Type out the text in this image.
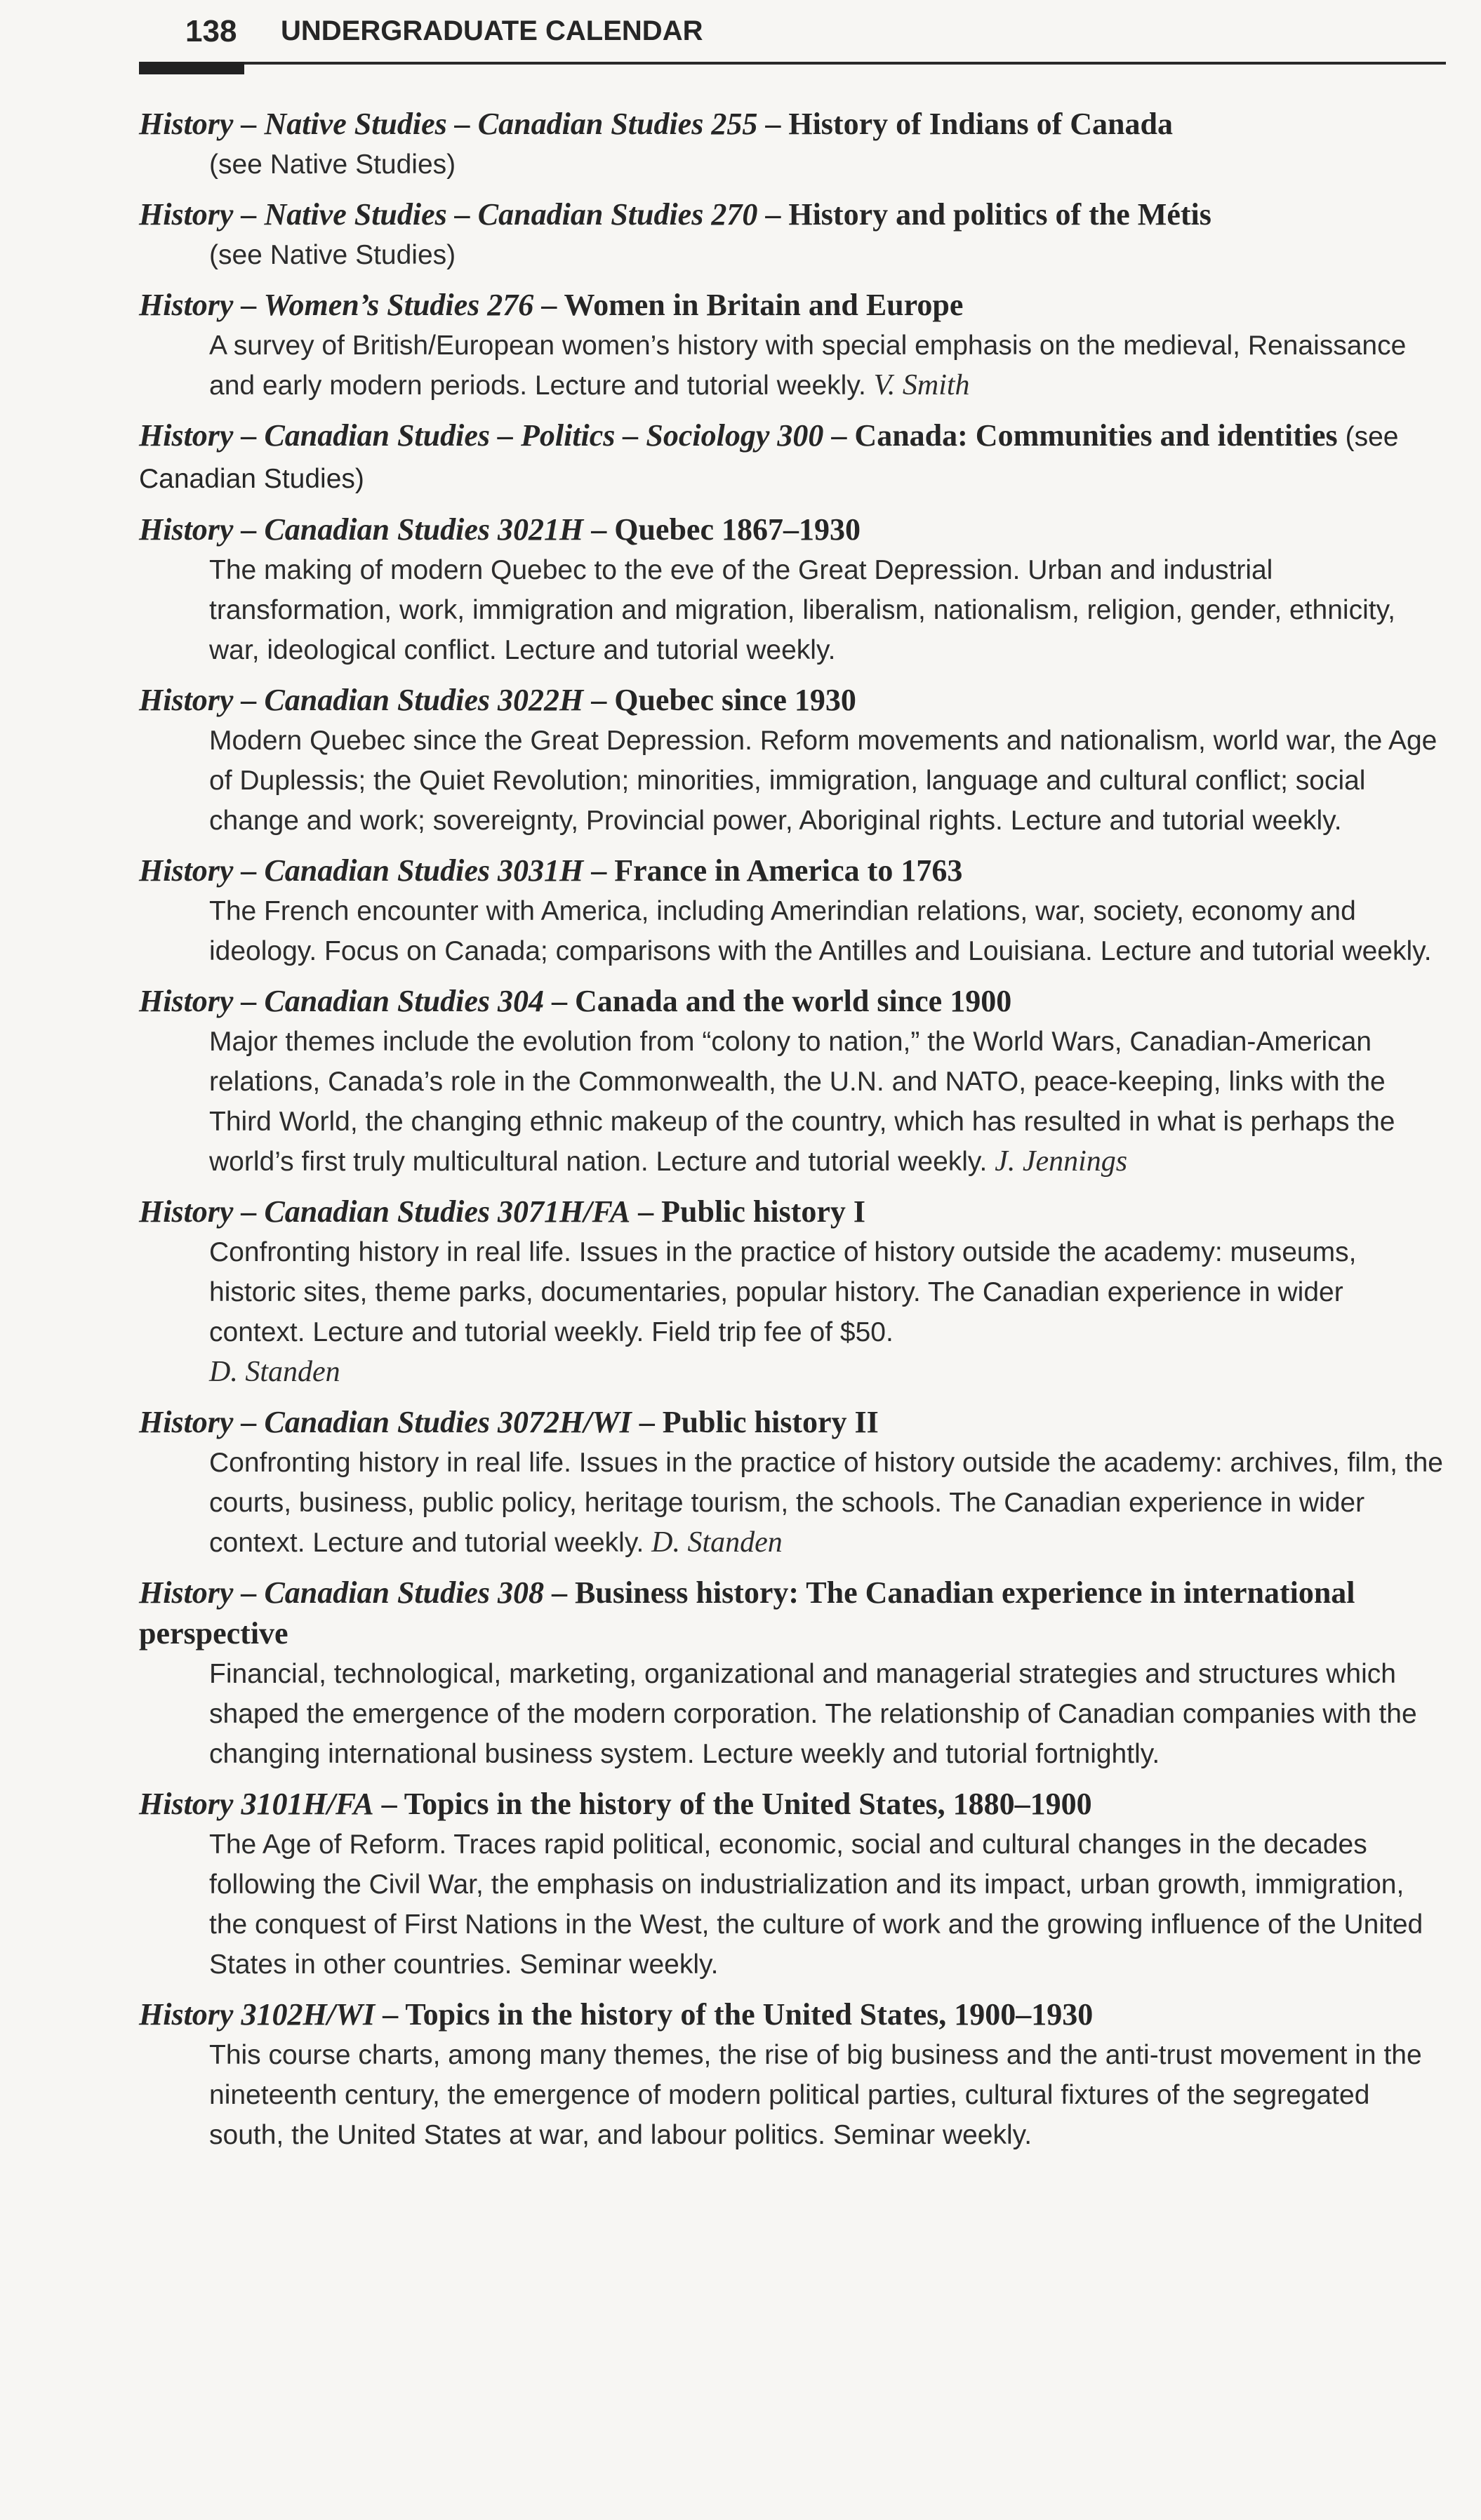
138 UNDERGRADUATE CALENDAR
History – Native Studies – Canadian Studies 255 – History of Indians of Canada
(see Native Studies)
History – Native Studies – Canadian Studies 270 – History and politics of the Métis
(see Native Studies)
History – Women’s Studies 276 – Women in Britain and Europe
A survey of British/European women’s history with special emphasis on the medieval, Renaissance and early modern periods. Lecture and tutorial weekly. V. Smith
History – Canadian Studies – Politics – Sociology 300 – Canada: Communities and identities (see Canadian Studies)
History – Canadian Studies 3021H – Quebec 1867–1930
The making of modern Quebec to the eve of the Great Depression. Urban and industrial transformation, work, immigration and migration, liberalism, nationalism, religion, gender, ethnicity, war, ideological conflict. Lecture and tutorial weekly.
History – Canadian Studies 3022H – Quebec since 1930
Modern Quebec since the Great Depression. Reform movements and nationalism, world war, the Age of Duplessis; the Quiet Revolution; minorities, immigration, language and cultural conflict; social change and work; sovereignty, Provincial power, Aboriginal rights. Lecture and tutorial weekly.
History – Canadian Studies 3031H – France in America to 1763
The French encounter with America, including Amerindian relations, war, society, economy and ideology. Focus on Canada; comparisons with the Antilles and Louisiana. Lecture and tutorial weekly.
History – Canadian Studies 304 – Canada and the world since 1900
Major themes include the evolution from “colony to nation,” the World Wars, Canadian-American relations, Canada’s role in the Commonwealth, the U.N. and NATO, peace-keeping, links with the Third World, the changing ethnic makeup of the country, which has resulted in what is perhaps the world’s first truly multicultural nation. Lecture and tutorial weekly. J. Jennings
History – Canadian Studies 3071H/FA – Public history I
Confronting history in real life. Issues in the practice of history outside the academy: museums, historic sites, theme parks, documentaries, popular history. The Canadian experience in wider context. Lecture and tutorial weekly. Field trip fee of $50.
D. Standen
History – Canadian Studies 3072H/WI – Public history II
Confronting history in real life. Issues in the practice of history outside the academy: archives, film, the courts, business, public policy, heritage tourism, the schools. The Canadian experience in wider context. Lecture and tutorial weekly. D. Standen
History – Canadian Studies 308 – Business history: The Canadian experience in international perspective
Financial, technological, marketing, organizational and managerial strategies and structures which shaped the emergence of the modern corporation. The relationship of Canadian companies with the changing international business system. Lecture weekly and tutorial fortnightly.
History 3101H/FA – Topics in the history of the United States, 1880–1900
The Age of Reform. Traces rapid political, economic, social and cultural changes in the decades following the Civil War, the emphasis on industrialization and its impact, urban growth, immigration, the conquest of First Nations in the West, the culture of work and the growing influence of the United States in other countries. Seminar weekly.
History 3102H/WI – Topics in the history of the United States, 1900–1930
This course charts, among many themes, the rise of big business and the anti-trust movement in the nineteenth century, the emergence of modern political parties, cultural fixtures of the segregated south, the United States at war, and labour politics. Seminar weekly.
